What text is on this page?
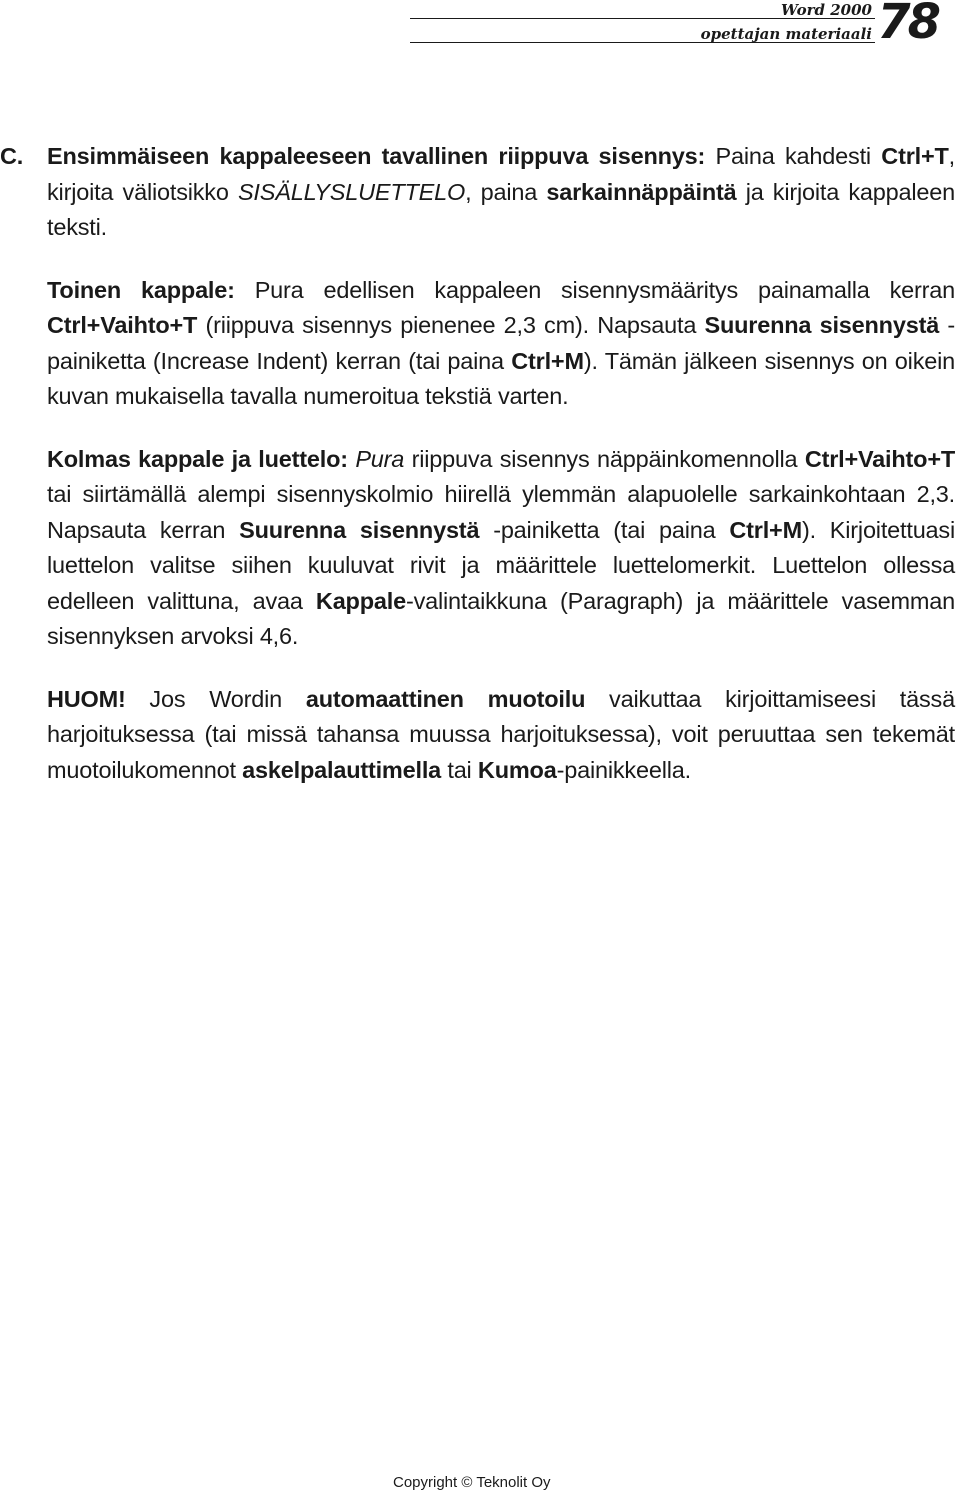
Word 2000
opettajan materiaali 78

C. Ensimmäiseen kappaleeseen tavallinen riippuva sisennys: Paina kahdesti Ctrl+T, kirjoita väliotsikko SISÄLLYSLUETTELO, paina sarkainnäppäintä ja kirjoita kappaleen teksti.

Toinen kappale: Pura edellisen kappaleen sisennysmääritys painamalla kerran Ctrl+Vaihto+T (riippuva sisennys pienenee 2,3 cm). Napsauta Suurenna sisennystä -painiketta (Increase Indent) kerran (tai paina Ctrl+M). Tämän jälkeen sisennys on oikein kuvan mukaisella tavalla numeroitua tekstiä varten.

Kolmas kappale ja luettelo: Pura riippuva sisennys näppäinkomennolla Ctrl+Vaihto+T tai siirtämällä alempi sisennyskolmio hiirellä ylemmän alapuolelle sarkainkohtaan 2,3. Napsauta kerran Suurenna sisennystä -painiketta (tai paina Ctrl+M). Kirjoitettuasi luettelon valitse siihen kuuluvat rivit ja määrittele luettelomerkit. Luettelon ollessa edelleen valittuna, avaa Kappale-valintaikkuna (Paragraph) ja määrittele vasemman sisennyksen arvoksi 4,6.

HUOM! Jos Wordin automaattinen muotoilu vaikuttaa kirjoittamiseesi tässä harjoituksessa (tai missä tahansa muussa harjoituksessa), voit peruuttaa sen tekemät muotoilukomennot askelpalauttimella tai Kumoa-painikkeella.

Copyright © Teknolit Oy
